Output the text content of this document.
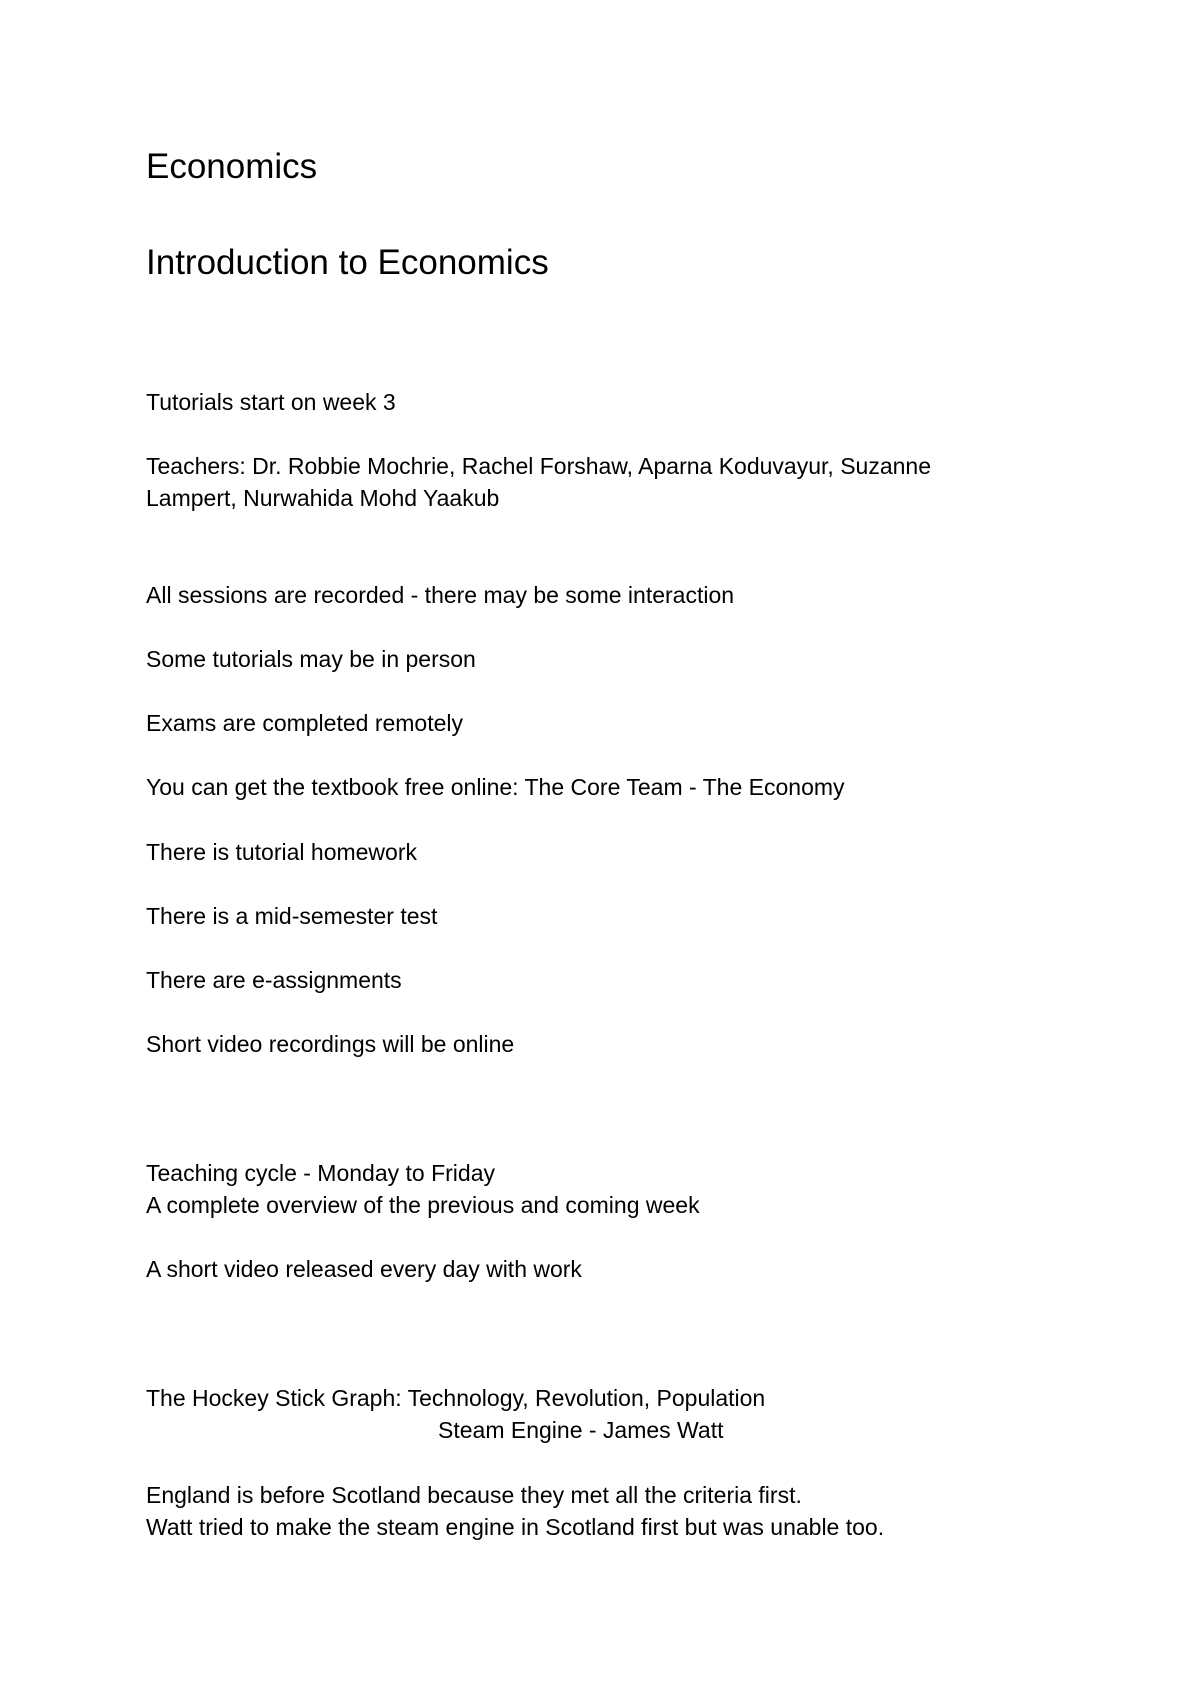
Economics
Introduction to Economics
Tutorials start on week 3
Teachers: Dr. Robbie Mochrie, Rachel Forshaw, Aparna Koduvayur, Suzanne
Lampert, Nurwahida Mohd Yaakub
All sessions are recorded - there may be some interaction
Some tutorials may be in person
Exams are completed remotely
You can get the textbook free online: The Core Team - The Economy
There is tutorial homework
There is a mid-semester test
There are e-assignments
Short video recordings will be online
Teaching cycle - Monday to Friday
A complete overview of the previous and coming week
A short video released every day with work
The Hockey Stick Graph: Technology, Revolution, Population
Steam Engine - James Watt
England is before Scotland because they met all the criteria first.
Watt tried to make the steam engine in Scotland first but was unable too.
